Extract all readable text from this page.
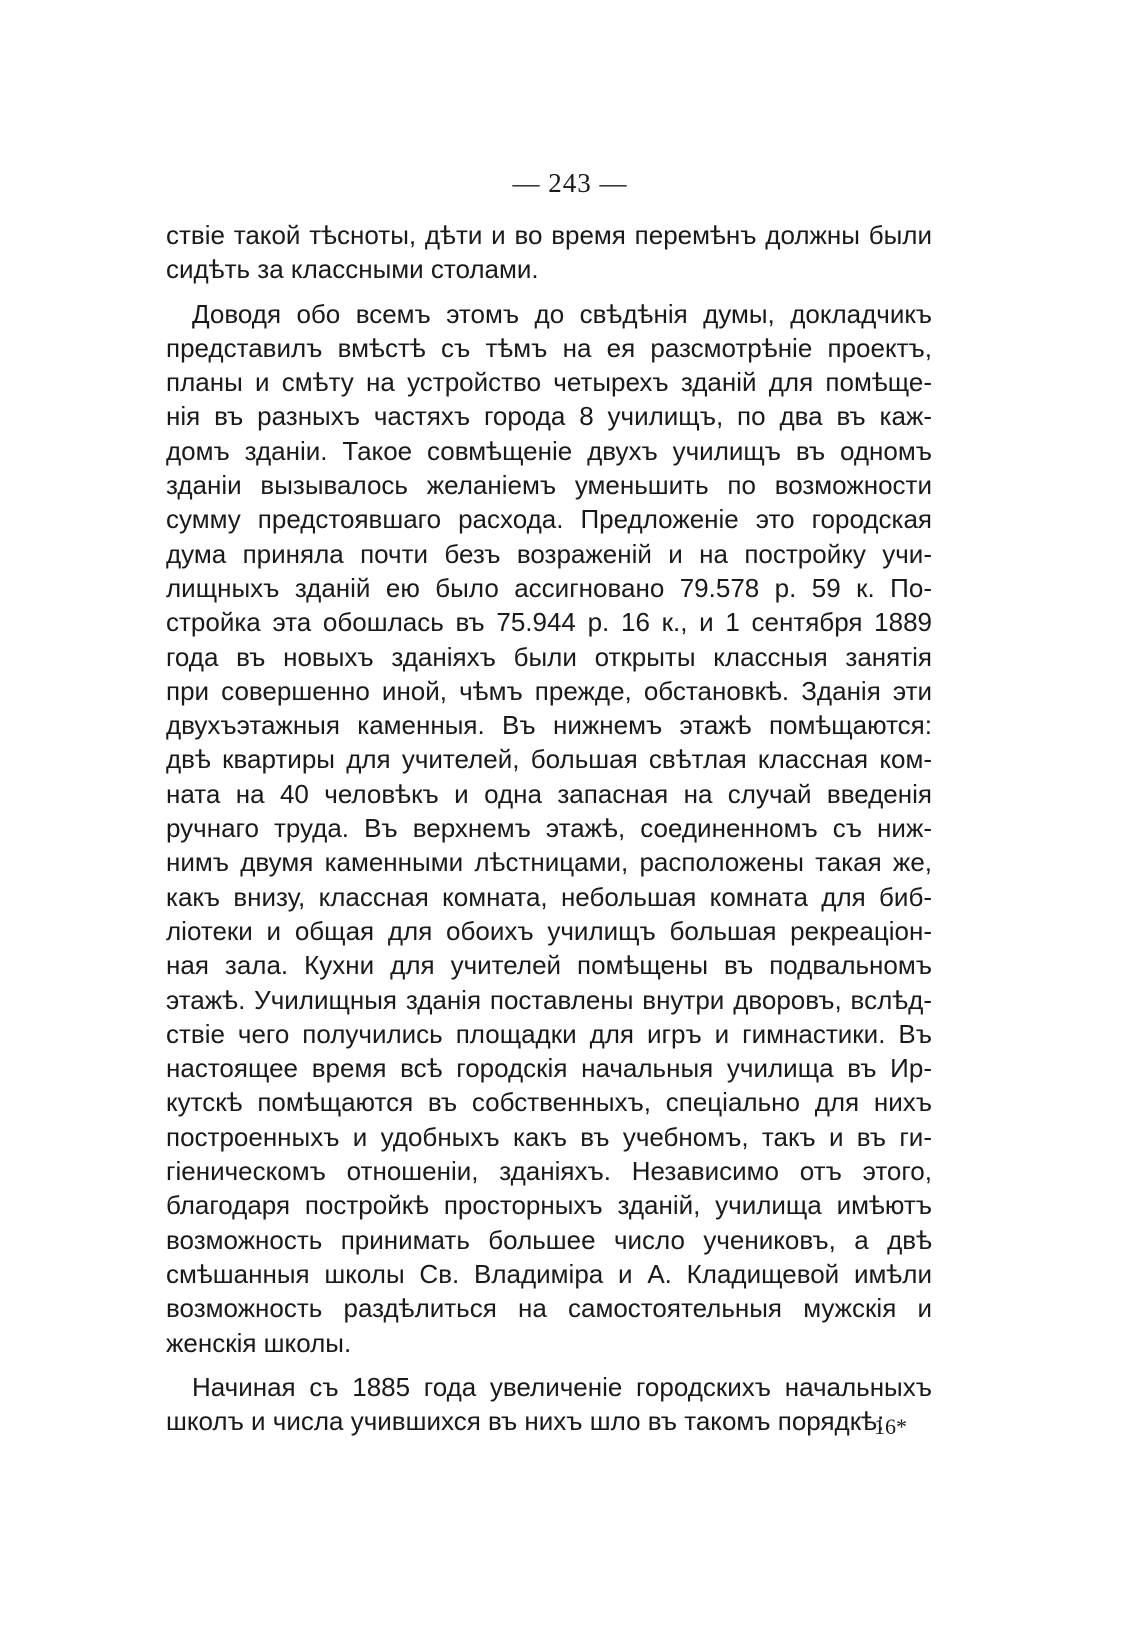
— 243 —
ствіе такой тѣсноты, дѣти и во время перемѣнъ должны были
сидѣть за классными столами.
Доводя обо всемъ этомъ до свѣдѣнія думы, докладчикъ
представилъ вмѣстѣ съ тѣмъ на ея разсмотрѣніе проектъ,
планы и смѣту на устройство четырехъ зданій для помѣще-
нія въ разныхъ частяхъ города 8 училищъ, по два въ каж-
домъ зданіи. Такое совмѣщеніе двухъ училищъ въ одномъ
зданіи вызывалось желаніемъ уменьшить по возможности
сумму предстоявшаго расхода. Предложеніе это городская
дума приняла почти безъ возраженій и на постройку учи-
лищныхъ зданій ею было ассигновано 79.578 р. 59 к. По-
стройка эта обошлась въ 75.944 р. 16 к., и 1 сентября 1889
года въ новыхъ зданіяхъ были открыты классныя занятія
при совершенно иной, чѣмъ прежде, обстановкѣ. Зданія эти
двухъэтажныя каменныя. Въ нижнемъ этажѣ помѣщаются:
двѣ квартиры для учителей, большая свѣтлая классная ком-
ната на 40 человѣкъ и одна запасная на случай введенія
ручнаго труда. Въ верхнемъ этажѣ, соединенномъ съ ниж-
нимъ двумя каменными лѣстницами, расположены такая же,
какъ внизу, классная комната, небольшая комната для биб-
ліотеки и общая для обоихъ училищъ большая рекреаціон-
ная зала. Кухни для учителей помѣщены въ подвальномъ
этажѣ. Училищныя зданія поставлены внутри дворовъ, вслѣд-
ствіе чего получились площадки для игръ и гимнастики. Въ
настоящее время всѣ городскія начальныя училища въ Ир-
кутскѣ помѣщаются въ собственныхъ, спеціально для нихъ
построенныхъ и удобныхъ какъ въ учебномъ, такъ и въ ги-
гіеническомъ отношеніи, зданіяхъ. Независимо отъ этого,
благодаря постройкѣ просторныхъ зданій, училища имѣютъ
возможность принимать большее число учениковъ, а двѣ
смѣшанныя школы Св. Владиміра и А. Кладищевой имѣли
возможность раздѣлиться на самостоятельныя мужскія и
женскія школы.
Начиная съ 1885 года увеличеніе городскихъ начальныхъ
школъ и числа учившихся въ нихъ шло въ такомъ порядкѣ:
16*
